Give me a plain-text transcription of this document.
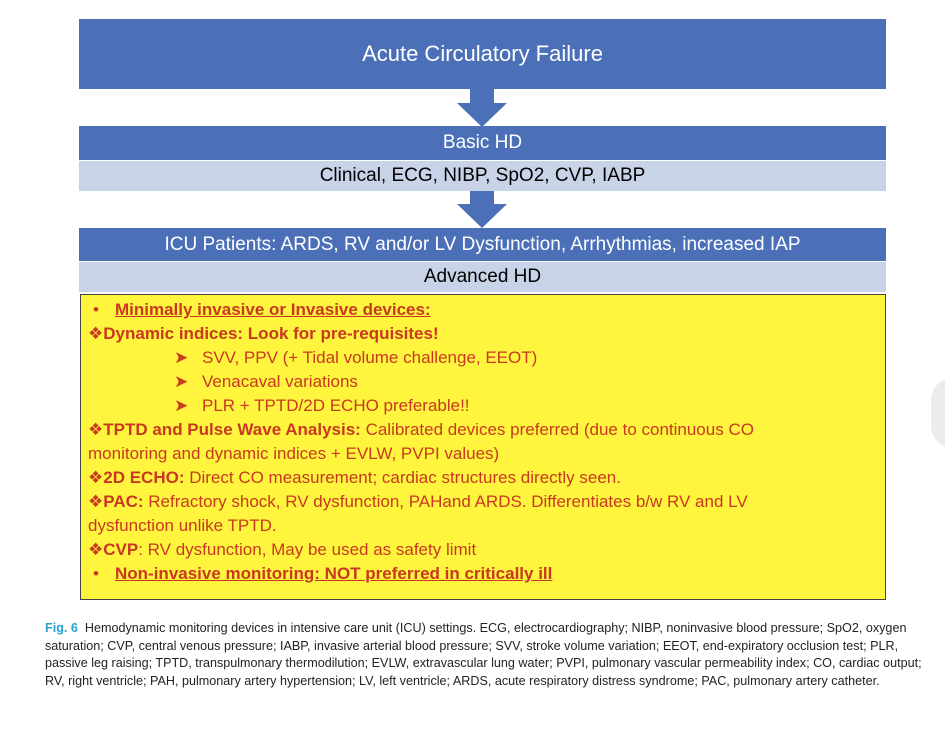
Acute Circulatory Failure
Basic HD
Clinical, ECG, NIBP, SpO2, CVP, IABP
ICU Patients: ARDS, RV and/or LV Dysfunction, Arrhythmias, increased IAP
Advanced HD
• Minimally invasive or Invasive devices:
❖Dynamic indices: Look for pre-requisites!
➤ SVV, PPV (+ Tidal volume challenge, EEOT)
➤ Venacaval variations
➤ PLR + TPTD/2D ECHO preferable!!
❖TPTD and Pulse Wave Analysis: Calibrated devices preferred (due to continuous CO
monitoring and dynamic indices + EVLW, PVPI values)
❖2D ECHO: Direct CO measurement; cardiac structures directly seen.
❖PAC: Refractory shock, RV dysfunction, PAHand ARDS. Differentiates b/w RV and LV
dysfunction unlike TPTD.
❖CVP: RV dysfunction, May be used as safety limit
• Non-invasive monitoring: NOT preferred in critically ill
Fig. 6 Hemodynamic monitoring devices in intensive care unit (ICU) settings. ECG, electrocardiography; NIBP, noninvasive blood pressure; SpO2, oxygen saturation; CVP, central venous pressure; IABP, invasive arterial blood pressure; SVV, stroke volume variation; EEOT, end-expiratory occlusion test; PLR, passive leg raising; TPTD, transpulmonary thermodilution; EVLW, extravascular lung water; PVPI, pulmonary vascular permeability index; CO, cardiac output; RV, right ventricle; PAH, pulmonary artery hypertension; LV, left ventricle; ARDS, acute respiratory distress syndrome; PAC, pulmonary artery catheter.
